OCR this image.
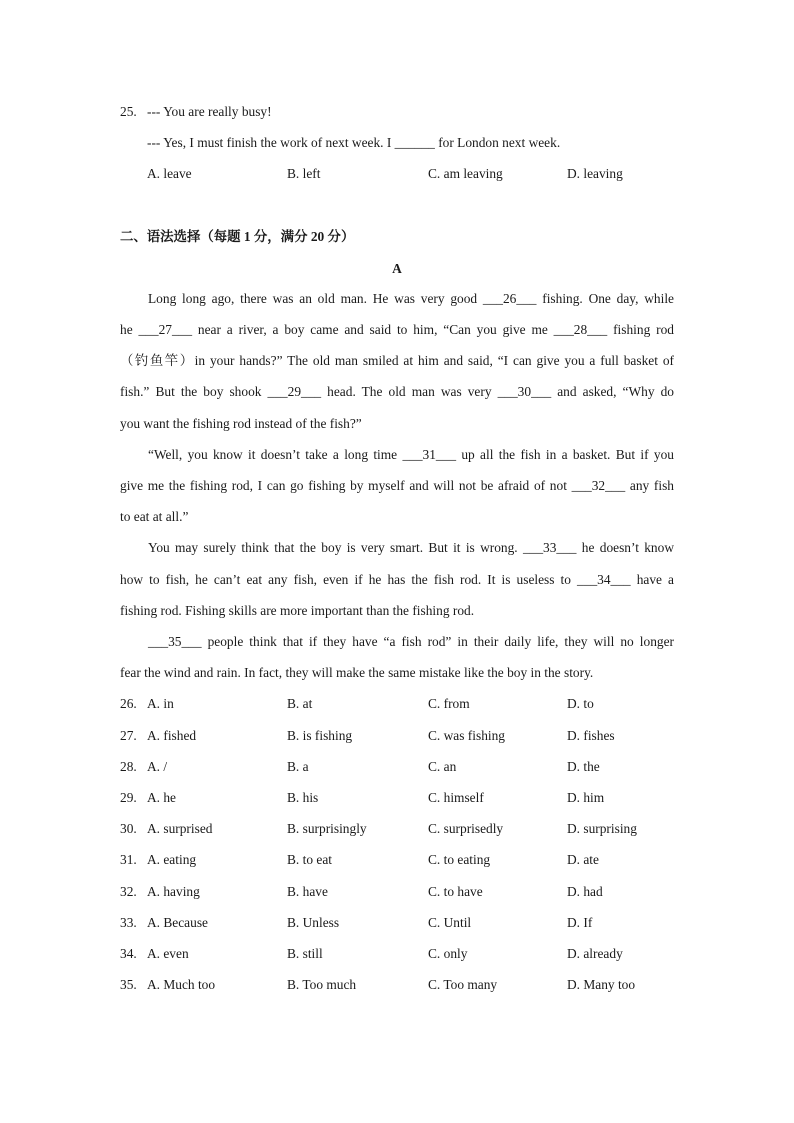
25. --- You are really busy!
--- Yes, I must finish the work of next week. I ______ for London next week.
A. leave	B. left	C. am leaving	D. leaving
二、语法选择（每题 1 分，满分 20 分）
A
Long long ago, there was an old man. He was very good ___26___ fishing. One day, while
he ___27___ near a river, a boy came and said to him, “Can you give me ___28___ fishing rod
（钓鱼竿）in your hands?” The old man smiled at him and said, “I can give you a full basket of
fish.” But the boy shook ___29___ head. The old man was very ___30___ and asked, “Why do
you want the fishing rod instead of the fish?”
“Well, you know it doesn’t take a long time ___31___ up all the fish in a basket. But if you
give me the fishing rod, I can go fishing by myself and will not be afraid of not ___32___ any fish
to eat at all.”
You may surely think that the boy is very smart. But it is wrong. ___33___ he doesn’t know
how to fish, he can’t eat any fish, even if he has the fish rod. It is useless to ___34___ have a
fishing rod. Fishing skills are more important than the fishing rod.
___35___ people think that if they have “a fish rod” in their daily life, they will no longer
fear the wind and rain. In fact, they will make the same mistake like the boy in the story.
26. A. in	B. at	C. from	D. to
27. A. fished	B. is fishing	C. was fishing	D. fishes
28. A. /	B. a	C. an	D. the
29. A. he	B. his	C. himself	D. him
30. A. surprised	B. surprisingly	C. surprisedly	D. surprising
31. A. eating	B. to eat	C. to eating	D. ate
32. A. having	B. have	C. to have	D. had
33. A. Because	B. Unless	C. Until	D. If
34. A. even	B. still	C. only	D. already
35. A. Much too	B. Too much	C. Too many	D. Many too
